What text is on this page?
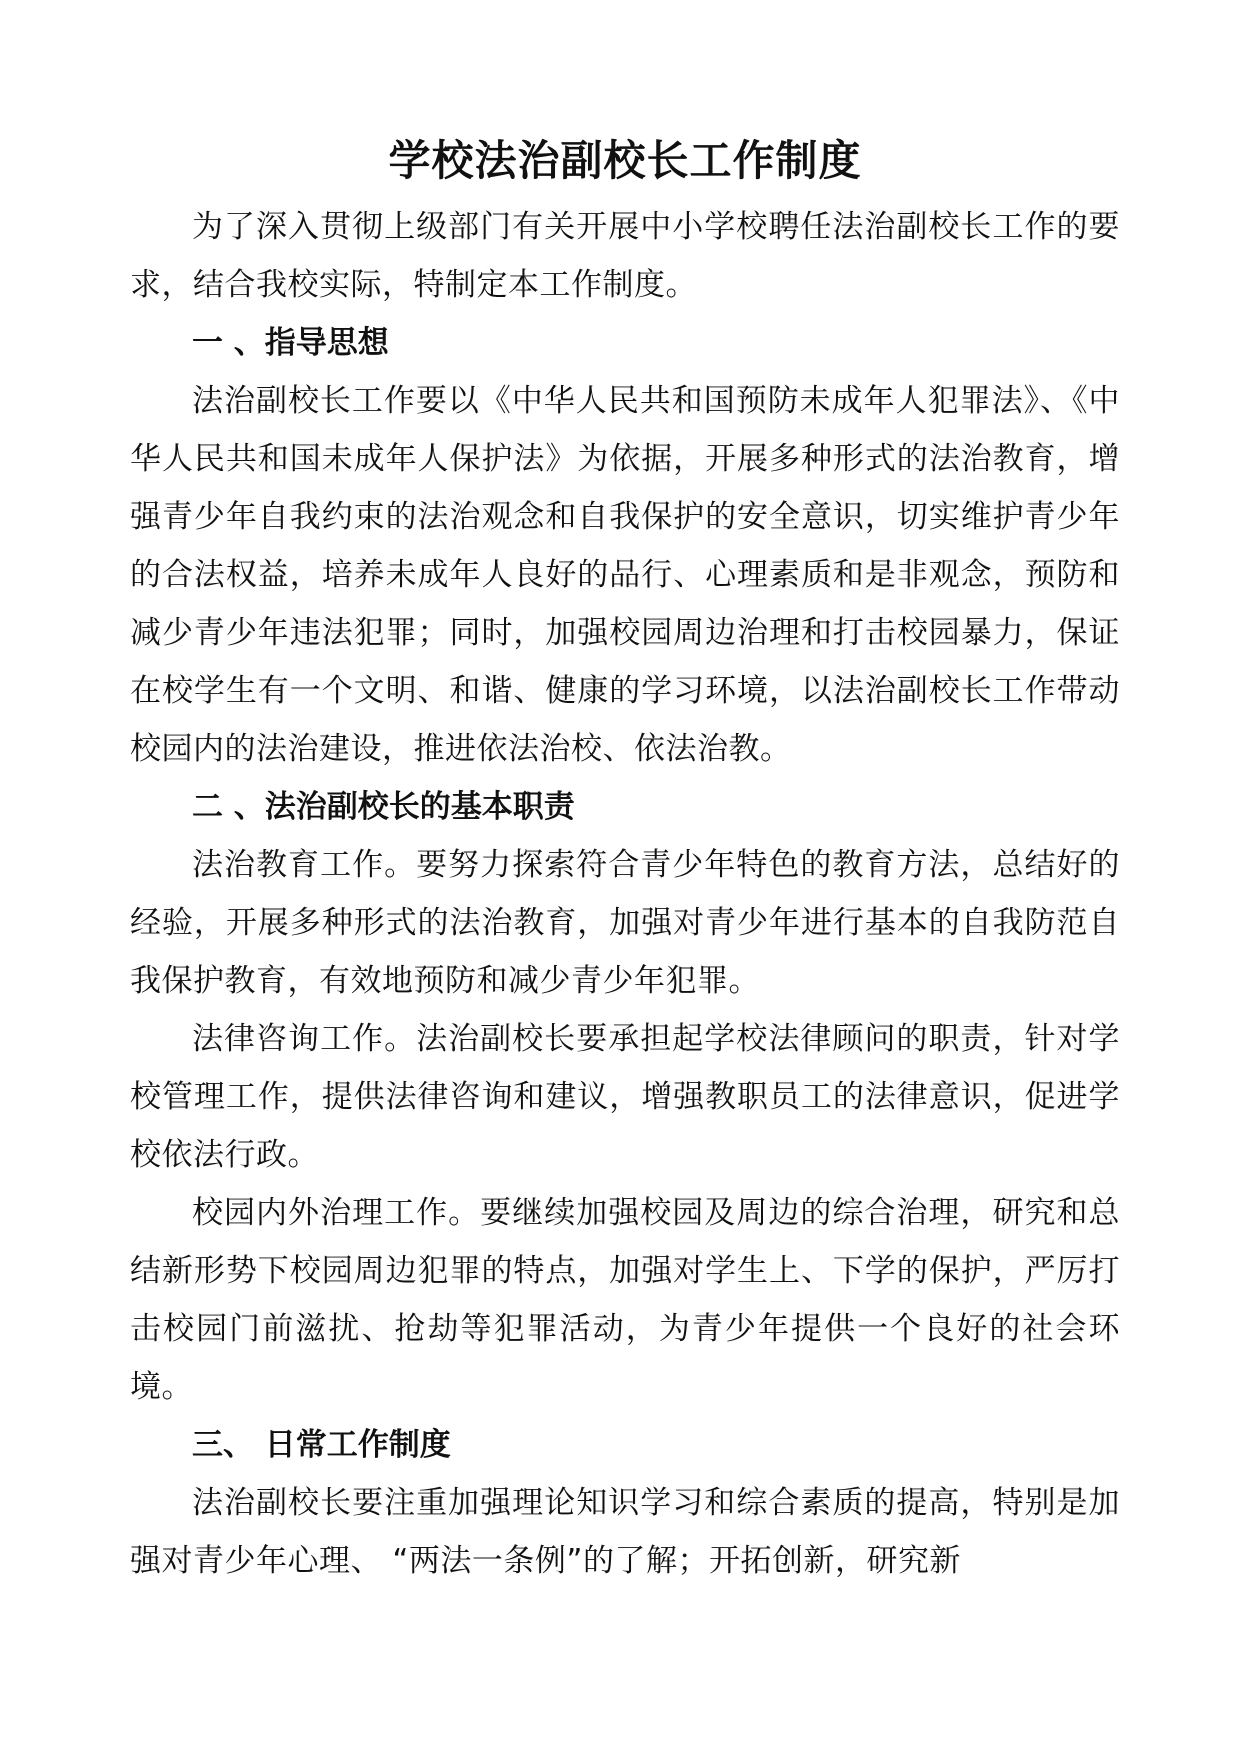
学校法治副校长工作制度

为了深入贯彻上级部门有关开展中小学校聘任法治副校长工作的要求，结合我校实际，特制定本工作制度。

一 、指导思想

法治副校长工作要以《中华人民共和国预防未成年人犯罪法》、《中华人民共和国未成年人保护法》为依据，开展多种形式的法治教育，增强青少年自我约束的法治观念和自我保护的安全意识，切实维护青少年的合法权益，培养未成年人良好的品行、心理素质和是非观念，预防和减少青少年违法犯罪；同时，加强校园周边治理和打击校园暴力，保证在校学生有一个文明、和谐、健康的学习环境，以法治副校长工作带动校园内的法治建设，推进依法治校、依法治教。

二 、法治副校长的基本职责

法治教育工作。要努力探索符合青少年特色的教育方法，总结好的经验，开展多种形式的法治教育，加强对青少年进行基本的自我防范自我保护教育，有效地预防和减少青少年犯罪。

法律咨询工作。法治副校长要承担起学校法律顾问的职责，针对学校管理工作，提供法律咨询和建议，增强教职员工的法律意识，促进学校依法行政。

校园内外治理工作。要继续加强校园及周边的综合治理，研究和总结新形势下校园周边犯罪的特点，加强对学生上、下学的保护，严厉打击校园门前滋扰、抢劫等犯罪活动，为青少年提供一个良好的社会环境。

三、 日常工作制度

法治副校长要注重加强理论知识学习和综合素质的提高，特别是加强对青少年心理、 “两法一条例”的了解；开拓创新，研究新
